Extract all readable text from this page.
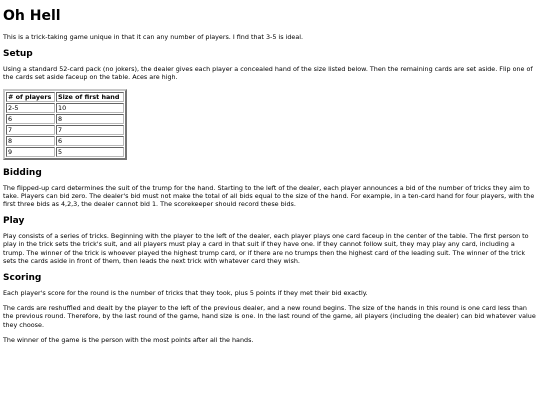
Oh Hell

This is a trick-taking game unique in that it can any number of players. I find that 3-5 is ideal.

Setup

Using a standard 52-card pack (no jokers), the dealer gives each player a concealed hand of the size listed below. Then the remaining cards are set aside. Flip one of the cards set aside faceup on the table. Aces are high.

# of players	Size of first hand
2-5	10
6	8
7	7
8	6
9	5
Bidding

The flipped-up card determines the suit of the trump for the hand. Starting to the left of the dealer, each player announces a bid of the number of tricks they aim to take. Players can bid zero. The dealer's bid must not make the total of all bids equal to the size of the hand. For example, in a ten-card hand for four players, with the first three bids as 4,2,3, the dealer cannot bid 1. The scorekeeper should record these bids.

Play

Play consists of a series of tricks. Beginning with the player to the left of the dealer, each player plays one card faceup in the center of the table. The first person to play in the trick sets the trick's suit, and all players must play a card in that suit if they have one. If they cannot follow suit, they may play any card, including a trump. The winner of the trick is whoever played the highest trump card, or if there are no trumps then the highest card of the leading suit. The winner of the trick sets the cards aside in front of them, then leads the next trick with whatever card they wish.

Scoring

Each player's score for the round is the number of tricks that they took, plus 5 points if they met their bid exactly.

The cards are reshuffled and dealt by the player to the left of the previous dealer, and a new round begins. The size of the hands in this round is one card less than the previous round. Therefore, by the last round of the game, hand size is one. In the last round of the game, all players (including the dealer) can bid whatever value they choose.

The winner of the game is the person with the most points after all the hands.
